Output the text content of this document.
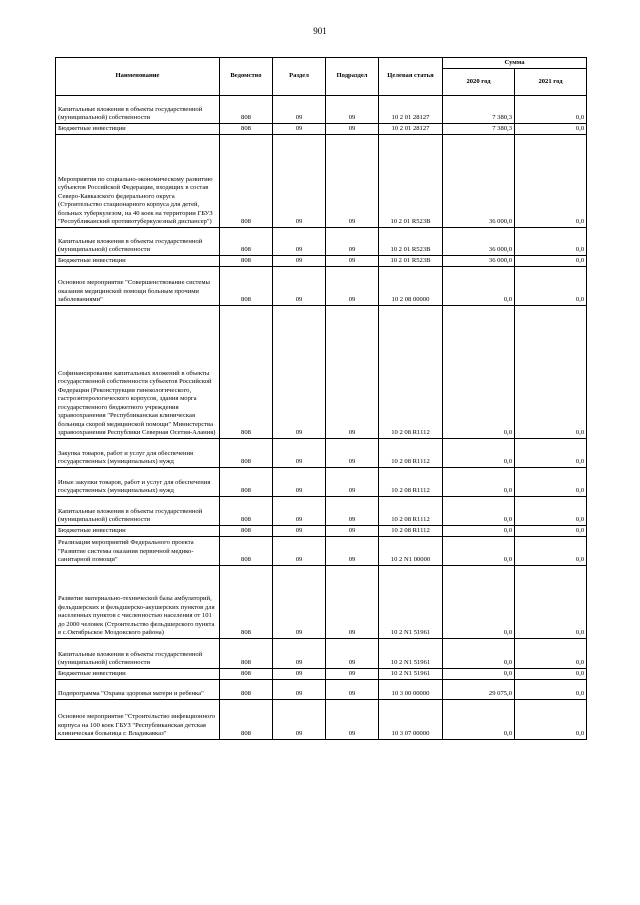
901
Наименование	Ведомство	Раздел	Подраздел	Целевая статья	Сумма	
					2020 год	2021 год
Капитальные вложения в объекты государственной (муниципальной) собственности	808	09	09	10 2 01 28127	7 380,3	0,0
Бюджетные инвестиции	808	09	09	10 2 01 28127	7 380,3	0,0
Мероприятия по социально-экономическому развитию субъектов Российской Федерации, входящих в состав Северо-Кавказского федерального округа (Строительство стационарного корпуса для детей, больных туберкулезом, на 40 коек на территории ГБУЗ "Республиканский противотуберкулезный диспансер")	808	09	09	10 2 01 R523B	36 000,0	0,0
Капитальные вложения в объекты государственной (муниципальной) собственности	808	09	09	10 2 01 R523B	36 000,0	0,0
Бюджетные инвестиции	808	09	09	10 2 01 R523B	36 000,0	0,0
Основное мероприятие "Совершенствование системы оказания медицинской помощи больным прочими заболеваниями"	808	09	09	10 2 08 00000	0,0	0,0
Софинансирование капитальных вложений в объекты государственной собственности субъектов Российской Федерации (Реконструкция гинекологического, гастроэнтерологического корпусов, здания морга государственного бюджетного учреждения здравоохранения "Республиканская клиническая больница скорой медицинской помощи" Министерства здравоохранения Республики Северная Осетия-Алания)	808	09	09	10 2 08 R1112	0,0	0,0
Закупка товаров, работ и услуг для обеспечения государственных (муниципальных) нужд	808	09	09	10 2 08 R1112	0,0	0,0
Иные закупки товаров, работ и услуг для обеспечения государственных (муниципальных) нужд	808	09	09	10 2 08 R1112	0,0	0,0
Капитальные вложения в объекты государственной (муниципальной) собственности	808	09	09	10 2 08 R1112	0,0	0,0
Бюджетные инвестиции	808	09	09	10 2 08 R1112	0,0	0,0
Реализация мероприятий Федерального проекта "Развитие системы оказания первичной медико-санитарной помощи"	808	09	09	10 2 N1 00000	0,0	0,0
Развитие материально-технической базы амбулаторий, фельдшерских и фельдшерско-акушерских пунктов для населенных пунктов с численностью населения от 101 до 2000 человек (Строительство фельдшерского пункта в с.Октябрьское Моздокского района)	808	09	09	10 2 N1 51961	0,0	0,0
Капитальные вложения в объекты государственной (муниципальной) собственности	808	09	09	10 2 N1 51961	0,0	0,0
Бюджетные инвестиции	808	09	09	10 2 N1 51961	0,0	0,0
Подпрограмма "Охрана здоровья матери и ребенка"	808	09	09	10 3 00 00000	29 075,0	0,0
Основное мероприятие "Строительство инфекционного корпуса на 100 коек ГБУЗ "Республиканская детская клиническая больница г. Владикавказ"	808	09	09	10 3 07 00000	0,0	0,0
